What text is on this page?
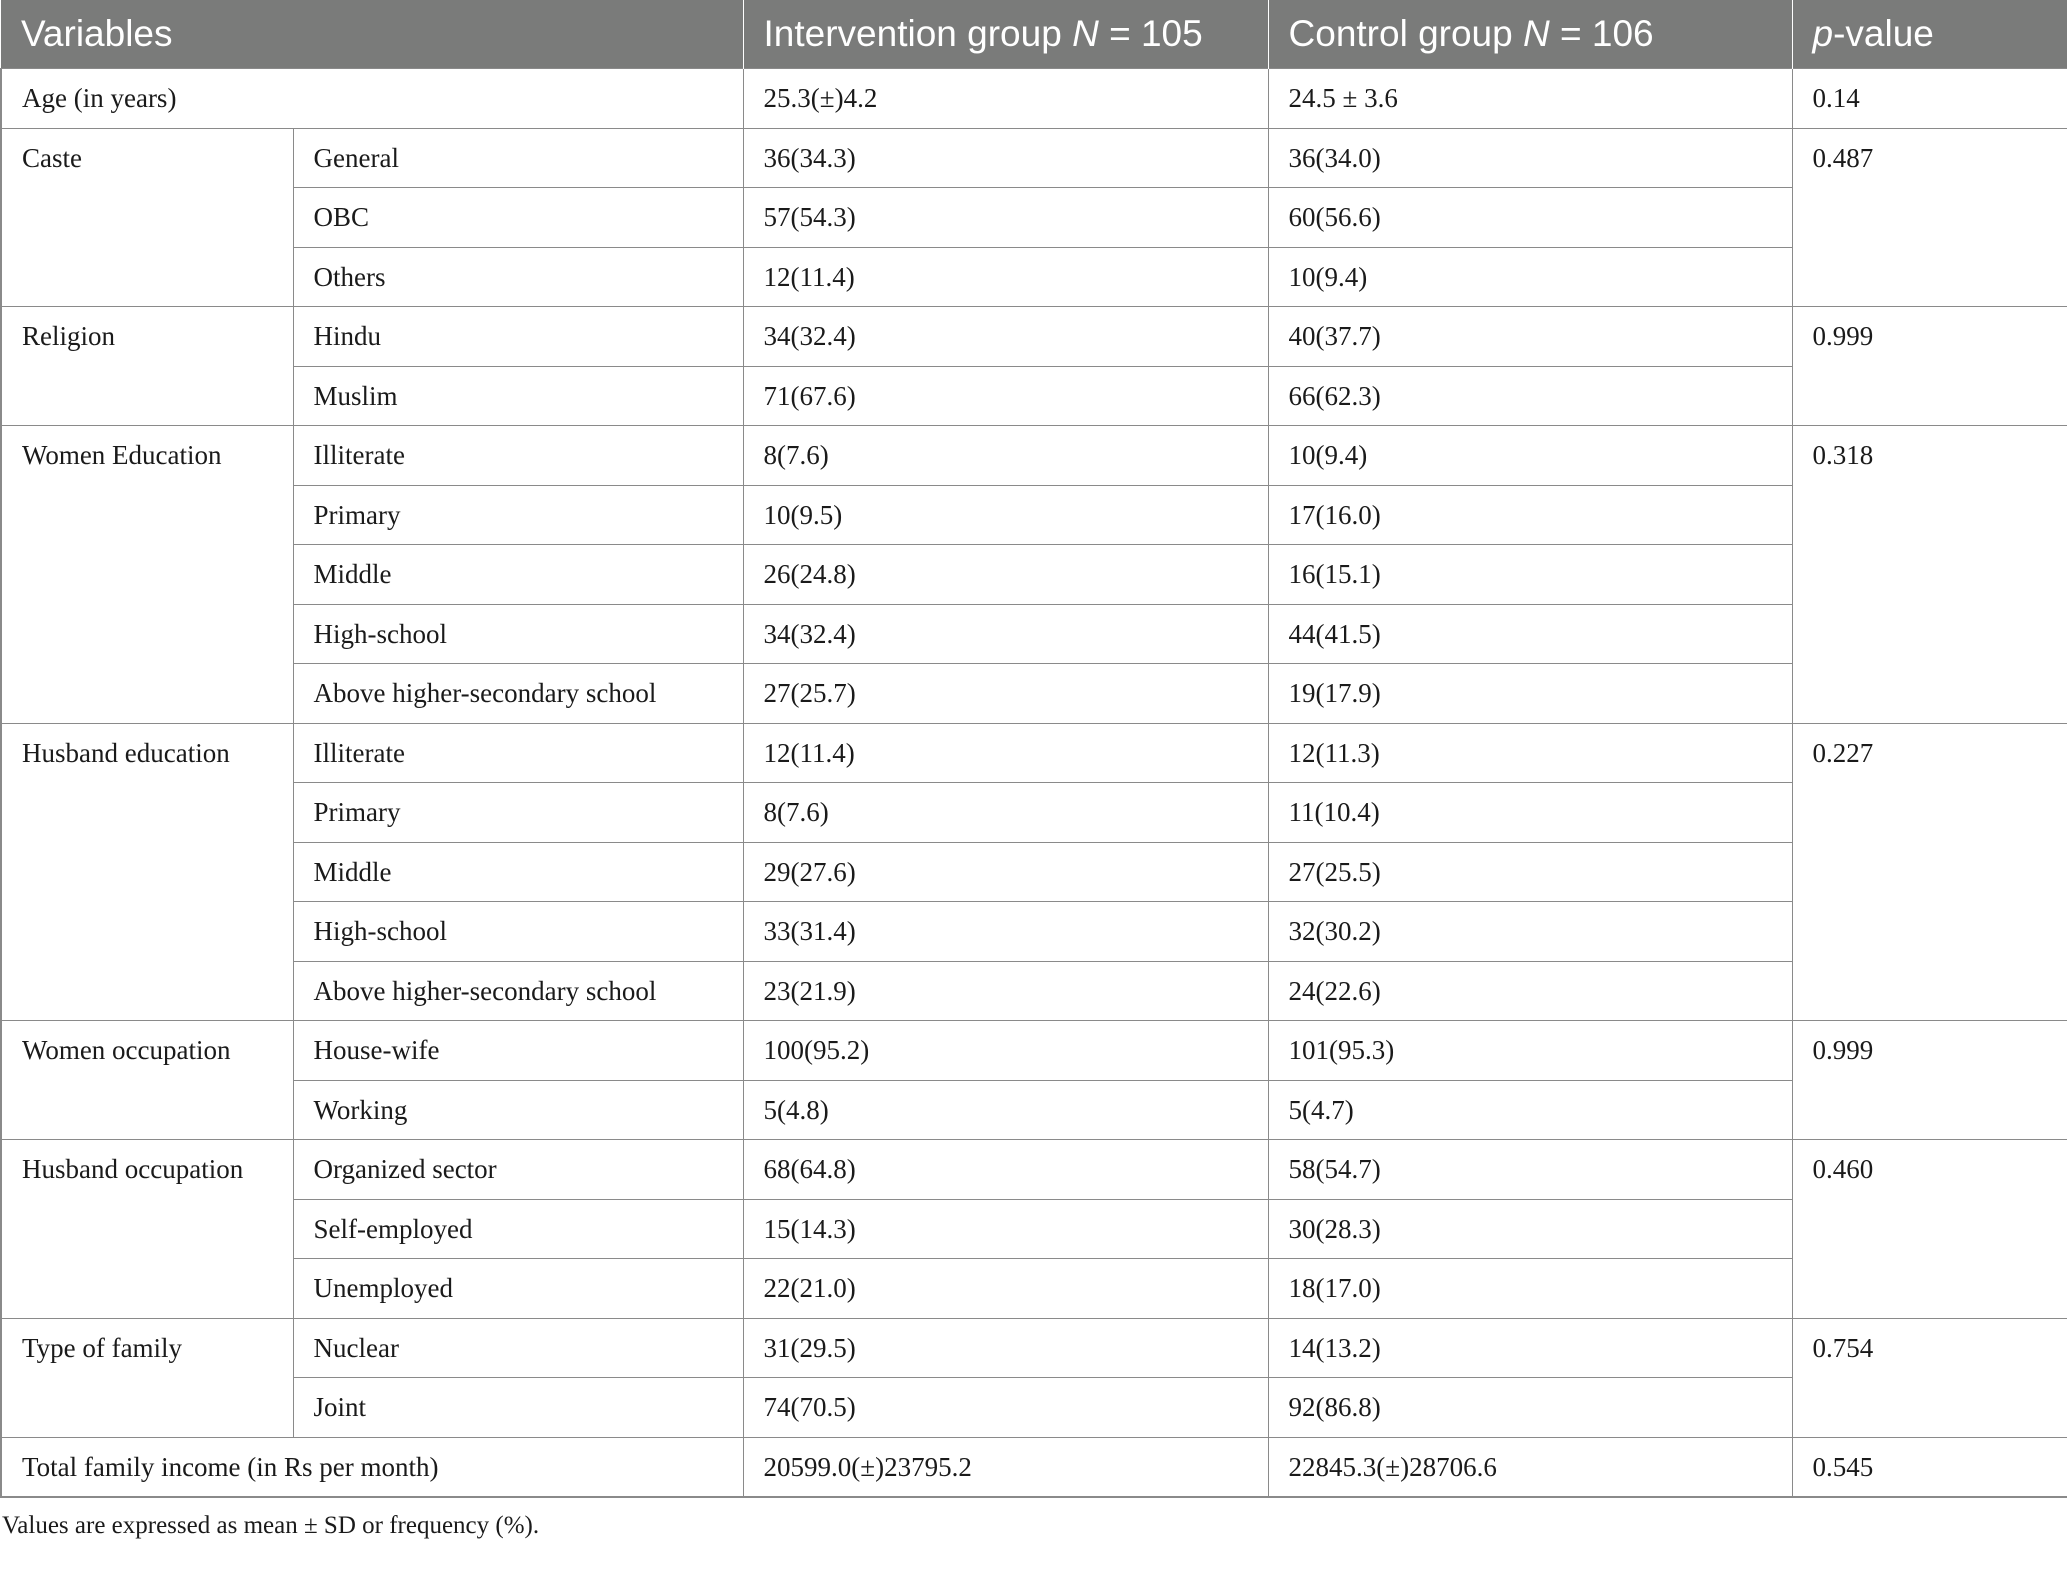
Variables		Intervention group N = 105	Control group N = 106	p-value
Age (in years)		25.3(±)4.2	24.5 ± 3.6	0.14
Caste	General	36(34.3)	36(34.0)	0.487
	OBC	57(54.3)	60(56.6)	
	Others	12(11.4)	10(9.4)	
Religion	Hindu	34(32.4)	40(37.7)	0.999
	Muslim	71(67.6)	66(62.3)	
Women Education	Illiterate	8(7.6)	10(9.4)	0.318
	Primary	10(9.5)	17(16.0)	
	Middle	26(24.8)	16(15.1)	
	High-school	34(32.4)	44(41.5)	
	Above higher-secondary school	27(25.7)	19(17.9)	
Husband education	Illiterate	12(11.4)	12(11.3)	0.227
	Primary	8(7.6)	11(10.4)	
	Middle	29(27.6)	27(25.5)	
	High-school	33(31.4)	32(30.2)	
	Above higher-secondary school	23(21.9)	24(22.6)	
Women occupation	House-wife	100(95.2)	101(95.3)	0.999
	Working	5(4.8)	5(4.7)	
Husband occupation	Organized sector	68(64.8)	58(54.7)	0.460
	Self-employed	15(14.3)	30(28.3)	
	Unemployed	22(21.0)	18(17.0)	
Type of family	Nuclear	31(29.5)	14(13.2)	0.754
	Joint	74(70.5)	92(86.8)	
Total family income (in Rs per month)		20599.0(±)23795.2	22845.3(±)28706.6	0.545
Values are expressed as mean ± SD or frequency (%).
